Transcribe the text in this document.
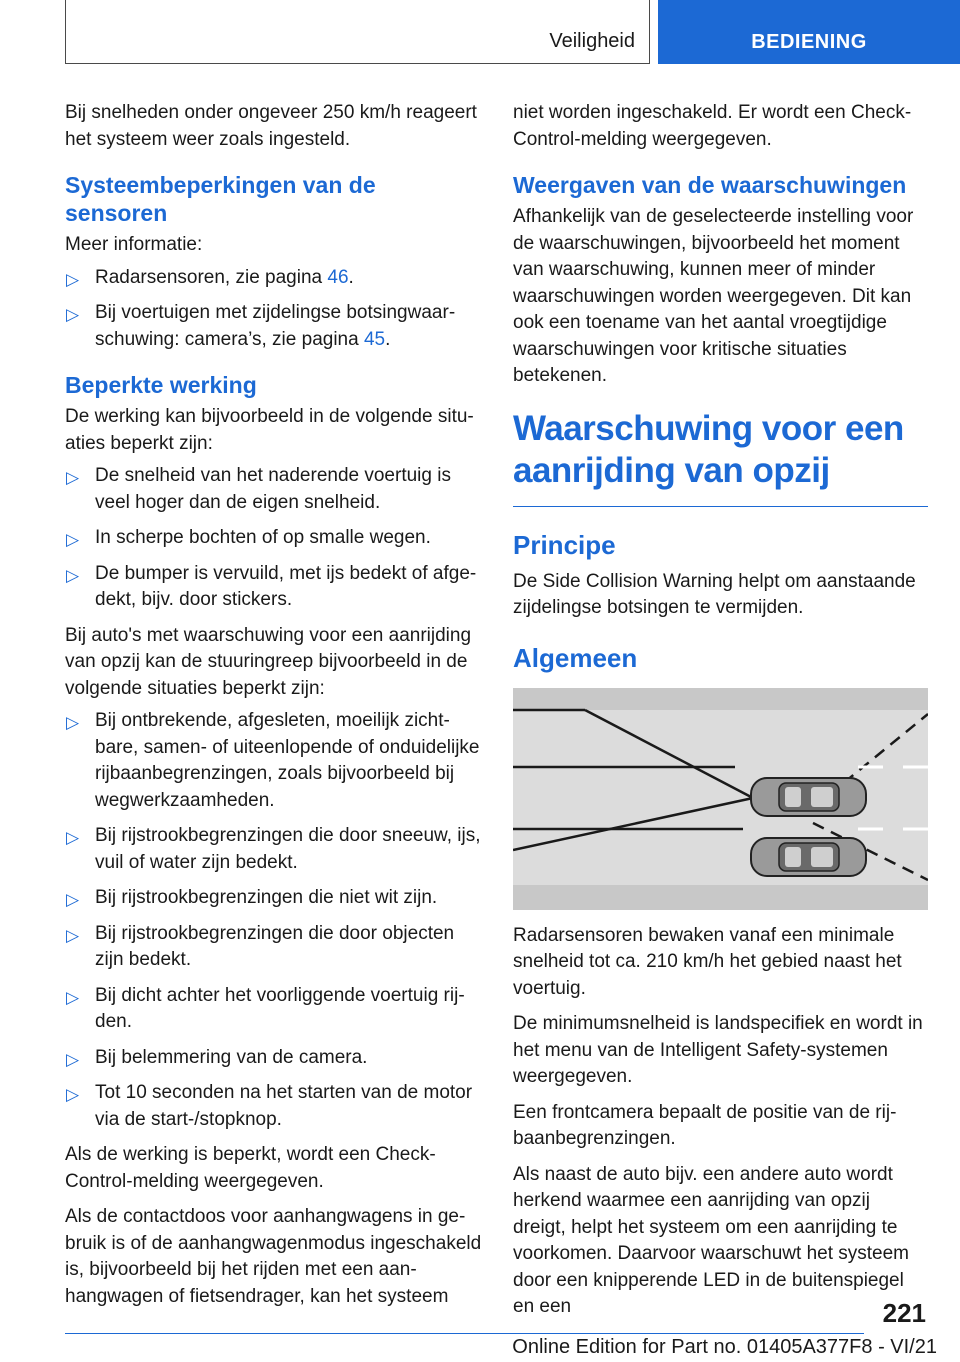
Veiligheid	BEDIENING

Bij snelheden onder ongeveer 250 km/h reageert het systeem weer zoals ingesteld.

Systeembeperkingen van de sensoren

Meer informatie:

▷ Radarsensoren, zie pagina 46.
▷ Bij voertuigen met zijdelingse botsingwaarschuwing: camera’s, zie pagina 45.
Beperkte werking

De werking kan bijvoorbeeld in de volgende situaties beperkt zijn:

▷ De snelheid van het naderende voertuig is veel hoger dan de eigen snelheid.
▷ In scherpe bochten of op smalle wegen.
▷ De bumper is vervuild, met ijs bedekt of afgedekt, bijv. door stickers.

Bij auto's met waarschuwing voor een aanrijding van opzij kan de stuuringreep bijvoorbeeld in de volgende situaties beperkt zijn:

▷ Bij ontbrekende, afgesleten, moeilijk zichtbare, samen- of uiteenlopende of onduidelijke rijbaanbegrenzingen, zoals bijvoorbeeld bij wegwerkzaamheden.
▷ Bij rijstrookbegrenzingen die door sneeuw, ijs, vuil of water zijn bedekt.
▷ Bij rijstrookbegrenzingen die niet wit zijn.
▷ Bij rijstrookbegrenzingen die door objecten zijn bedekt.
▷ Bij dicht achter het voorliggende voertuig rijden.
▷ Bij belemmering van de camera.
▷ Tot 10 seconden na het starten van de motor via de start-/stopknop.

Als de werking is beperkt, wordt een Check-Control-melding weergegeven.

Als de contactdoos voor aanhangwagens in gebruik is of de aanhangwagenmodus ingeschakeld is, bijvoorbeeld bij het rijden met een aanhangwagen of fietsendrager, kan het systeem

niet worden ingeschakeld. Er wordt een Check-Control-melding weergegeven.

Weergaven van de waarschuwingen

Afhankelijk van de geselecteerde instelling voor de waarschuwingen, bijvoorbeeld het moment van waarschuwing, kunnen meer of minder waarschuwingen worden weergegeven. Dit kan ook een toename van het aantal vroegtijdige waarschuwingen voor kritische situaties betekenen.

Waarschuwing voor een aanrijding van opzij
Principe

De Side Collision Warning helpt om aanstaande zijdelingse botsingen te vermijden.

Algemeen

Radarsensoren bewaken vanaf een minimale snelheid tot ca. 210 km/h het gebied naast het voertuig.

De minimumsnelheid is landspecifiek en wordt in het menu van de Intelligent Safety-systemen weergegeven.

Een frontcamera bepaalt de positie van de rijbaanbegrenzingen.

Als naast de auto bijv. een andere auto wordt herkend waarmee een aanrijding van opzij dreigt, helpt het systeem om een aanrijding te voorkomen. Daarvoor waarschuwt het systeem door een knipperende LED in de buitenspiegel en een	221
Online Edition for Part no. 01405A377F8 - VI/21
